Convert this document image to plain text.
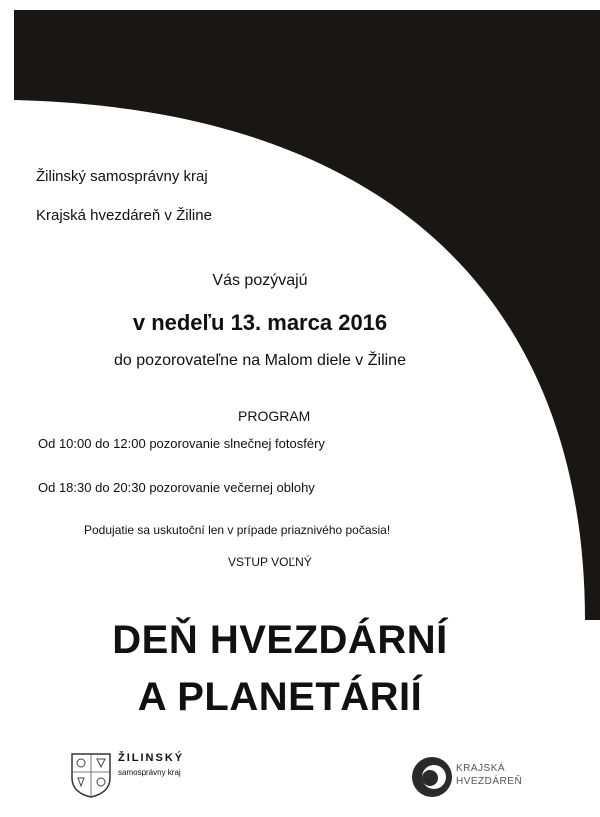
Žilinský samosprávny kraj
Krajská hvezdáreň v Žiline
Vás pozývajú
v nedeľu 13. marca 2016
do pozorovateľne na Malom diele v Žiline
PROGRAM
Od 10:00 do 12:00 pozorovanie slnečnej fotosféry
Od 18:30 do 20:30 pozorovanie večernej oblohy
Podujatie sa uskutoční len v prípade priaznivého počasia!
VSTUP VOĽNÝ
DEŇ HVEZDÁRNÍ
A PLANETÁRIÍ
ŽILINSKÝ
samosprávny kraj	KRAJSKÁ
HVEZDÁREŇ
